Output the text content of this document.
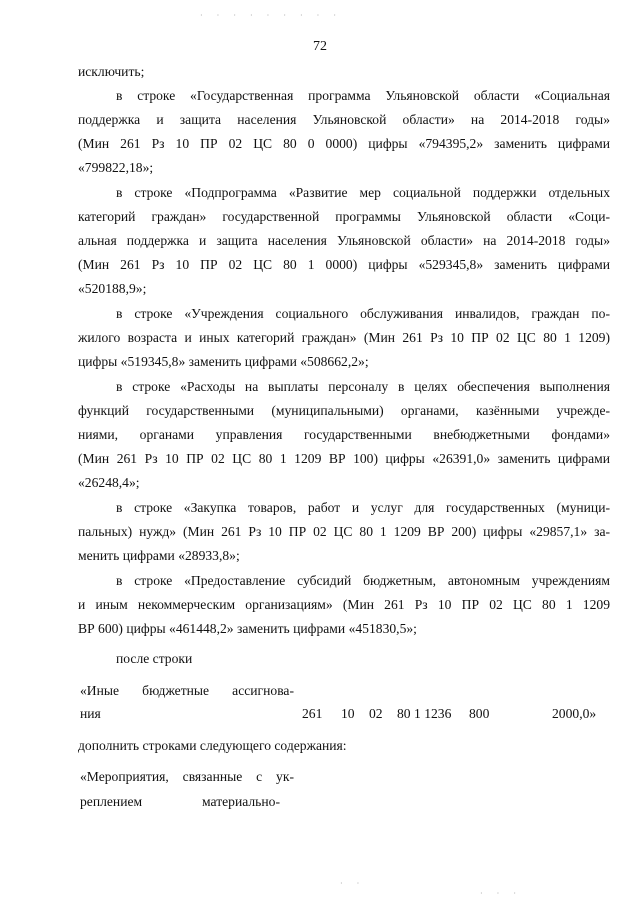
· · · · · · · · ·
72
исключить;
в строке «Государственная программа Ульяновской области «Социальная
поддержка и защита населения Ульяновской области» на 2014-2018 годы»
(Мин 261 Рз 10 ПР 02 ЦС 80 0 0000) цифры «794395,2» заменить цифрами
«799822,18»;
в строке «Подпрограмма «Развитие мер социальной поддержки отдельных
категорий граждан» государственной программы Ульяновской области «Соци-
альная поддержка и защита населения Ульяновской области» на 2014-2018 годы»
(Мин 261 Рз 10 ПР 02 ЦС 80 1 0000) цифры «529345,8» заменить цифрами
«520188,9»;
в строке «Учреждения социального обслуживания инвалидов, граждан по-
жилого возраста и иных категорий граждан» (Мин 261 Рз 10 ПР 02 ЦС 80 1 1209)
цифры «519345,8» заменить цифрами «508662,2»;
в строке «Расходы на выплаты персоналу в целях обеспечения выполнения
функций государственными (муниципальными) органами, казёнными учрежде-
ниями, органами управления государственными внебюджетными фондами»
(Мин 261 Рз 10 ПР 02 ЦС 80 1 1209 ВР 100) цифры «26391,0» заменить цифрами
«26248,4»;
в строке «Закупка товаров, работ и услуг для государственных (муници-
пальных) нужд» (Мин 261 Рз 10 ПР 02 ЦС 80 1 1209 ВР 200) цифры «29857,1» за-
менить цифрами «28933,8»;
в строке «Предоставление субсидий бюджетным, автономным учреждениям
и иным некоммерческим организациям» (Мин 261 Рз 10 ПР 02 ЦС 80 1 1209
ВР 600) цифры «461448,2» заменить цифрами «451830,5»;
после строки
«Иные бюджетные ассигнова-
ния	261 10 02 80 1 1236 800	2000,0»
дополнить строками следующего содержания:
«Мероприятия, связанные с ук-
реплением	материально-
· ·
· · ·
